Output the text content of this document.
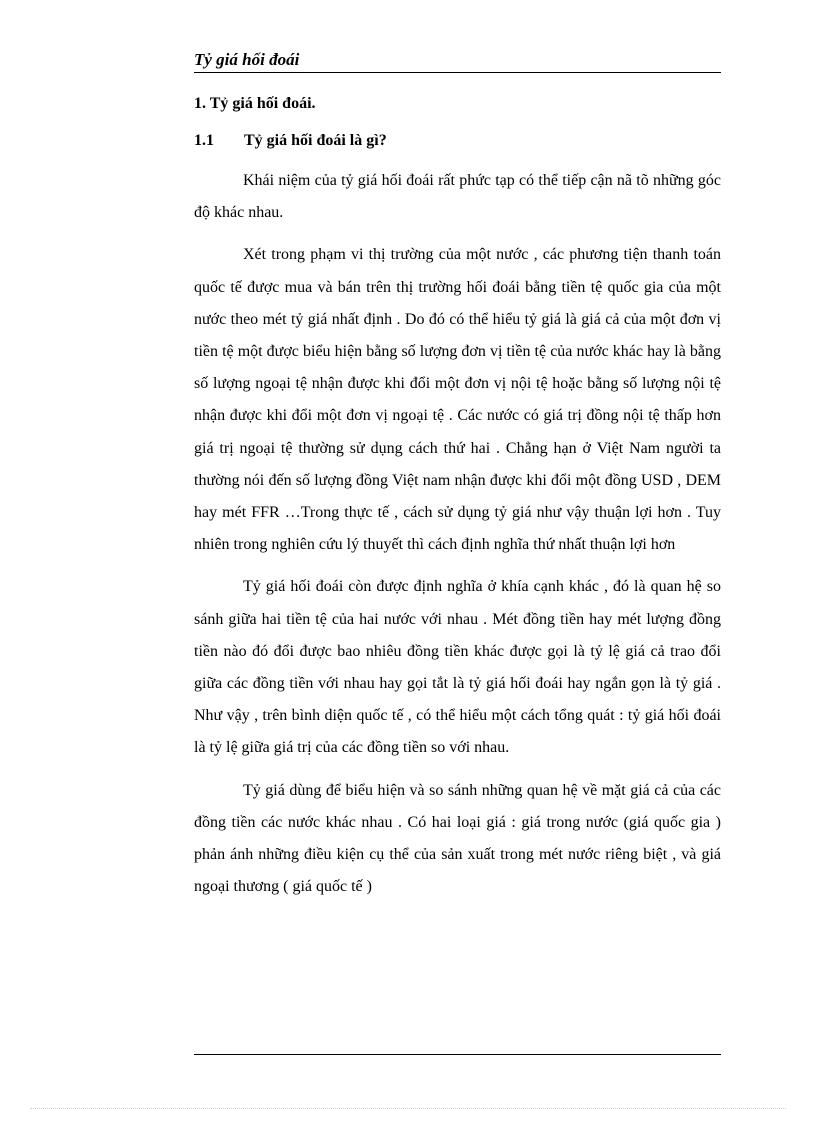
Tỷ giá hối đoái
1. Tỷ giá hối đoái.
1.1	Tỷ giá hối đoái là gì?

Khái niệm của tỷ giá hối đoái rất phức tạp có thể tiếp cận nã tõ những góc độ khác nhau.

Xét trong phạm vi thị trường của một nước , các phương tiện thanh toán quốc tế được mua và bán trên thị trường hối đoái bằng tiền tệ quốc gia của một nước theo mét tỷ giá nhất định . Do đó có thể hiểu tỷ giá là giá cả của một đơn vị tiền tệ một được biểu hiện bằng số lượng đơn vị tiền tệ của nước khác hay là bằng số lượng ngoại tệ nhận được khi đổi một đơn vị nội tệ hoặc bằng số lượng nội tệ nhận được khi đổi một đơn vị ngoại tệ . Các nước có giá trị đồng nội tệ thấp hơn giá trị ngoại tệ thường sử dụng cách thứ hai . Chẳng hạn ở Việt Nam người ta thường nói đến số lượng đồng Việt nam nhận được khi đổi một đồng USD , DEM hay mét FFR …Trong thực tế , cách sử dụng tỷ giá như vậy thuận lợi hơn . Tuy nhiên trong nghiên cứu lý thuyết thì cách định nghĩa thứ nhất thuận lợi hơn

Tỷ giá hối đoái còn được định nghĩa ở khía cạnh khác , đó là quan hệ so sánh giữa hai tiền tệ của hai nước với nhau . Mét đồng tiền hay mét lượng đồng tiền nào đó đổi được bao nhiêu đồng tiền khác được gọi là tỷ lệ giá cả trao đổi giữa các đồng tiền với nhau hay gọi tắt là tỷ giá hối đoái hay ngắn gọn là tỷ giá . Như vậy , trên bình diện quốc tế , có thể hiểu một cách tổng quát : tỷ giá hối đoái là tỷ lệ giữa giá trị của các đồng tiền so với nhau.

Tỷ giá dùng để biểu hiện và so sánh những quan hệ về mặt giá cả của các đồng tiền các nước khác nhau . Có hai loại giá : giá trong nước (giá quốc gia ) phản ánh những điều kiện cụ thể của sản xuất trong mét nước riêng biệt , và giá ngoại thương ( giá quốc tế )
